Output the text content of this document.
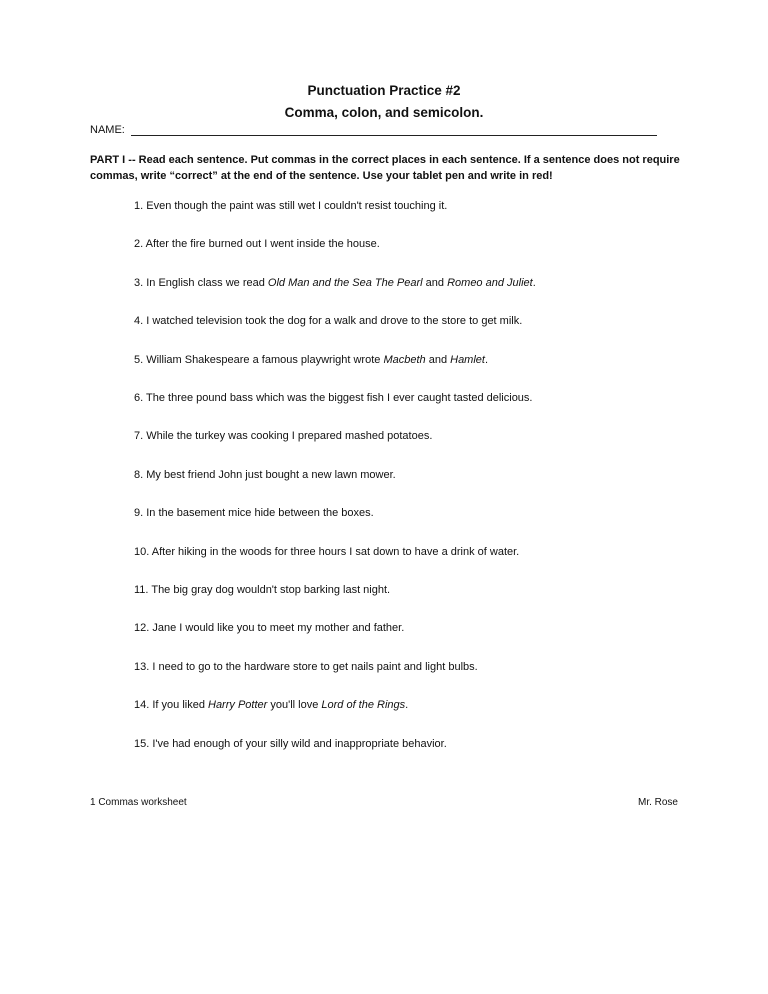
Punctuation Practice #2
Comma, colon, and semicolon.
NAME:
PART I -- Read each sentence. Put commas in the correct places in each sentence. If a sentence does not require commas, write “correct” at the end of the sentence. Use your tablet pen and write in red!
1. Even though the paint was still wet I couldn't resist touching it.
2. After the fire burned out I went inside the house.
3. In English class we read Old Man and the Sea The Pearl and Romeo and Juliet.
4. I watched television took the dog for a walk and drove to the store to get milk.
5. William Shakespeare a famous playwright wrote Macbeth and Hamlet.
6. The three pound bass which was the biggest fish I ever caught tasted delicious.
7. While the turkey was cooking I prepared mashed potatoes.
8. My best friend John just bought a new lawn mower.
9. In the basement mice hide between the boxes.
10. After hiking in the woods for three hours I sat down to have a drink of water.
11. The big gray dog wouldn't stop barking last night.
12. Jane I would like you to meet my mother and father.
13. I need to go to the hardware store to get nails paint and light bulbs.
14. If you liked Harry Potter you'll love Lord of the Rings.
15. I've had enough of your silly wild and inappropriate behavior.
1 Commas worksheet	Mr. Rose
